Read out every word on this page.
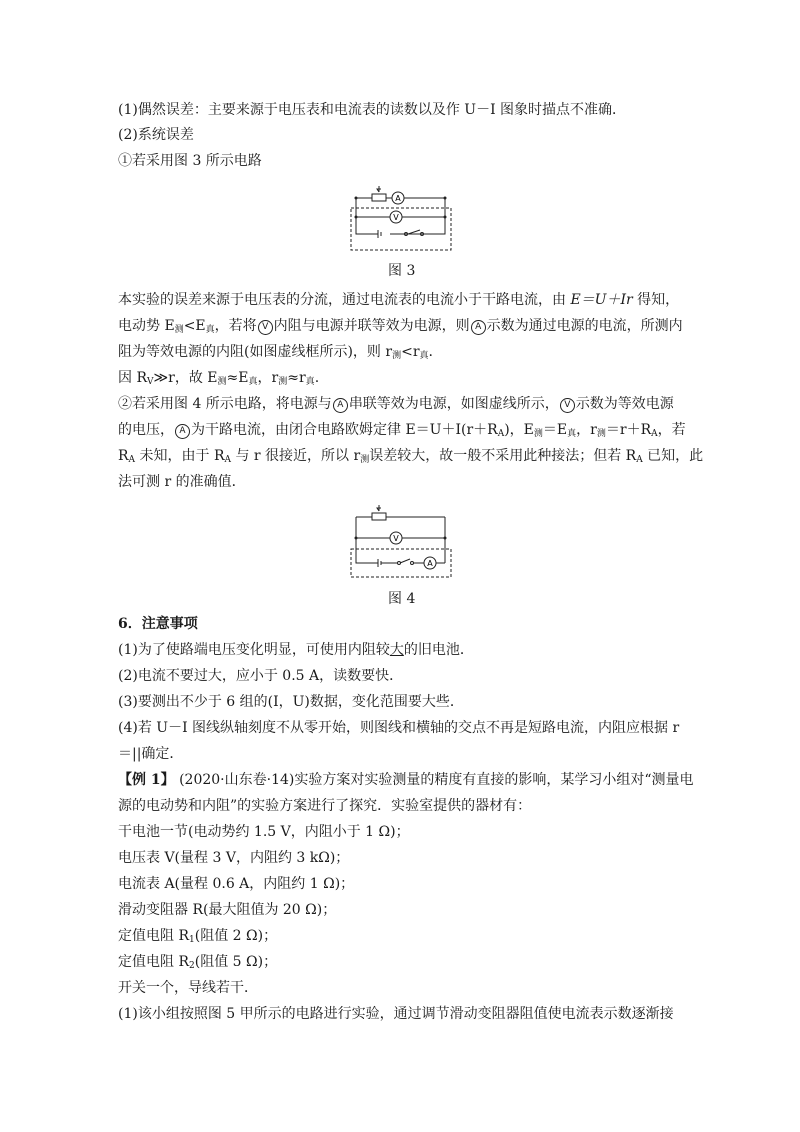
(1)偶然误差：主要来源于电压表和电流表的读数以及作 U－I 图象时描点不准确．
(2)系统误差
①若采用图 3 所示电路
A
V
图 3
本实验的误差来源于电压表的分流，通过电流表的电流小于干路电流，由 E＝U＋Ir 得知，
电动势 $E_测<E_真$，若将 V 内阻与电源并联等效为电源，则 A 示数为通过电源的电流，所测内
阻为等效电源的内阻(如图虚线框所示)，则 $r_测<r_真$.
因 $R_V≫r$，故 $E_测\approx E_真$，$r_测\approx r_真$.
②若采用图 4 所示电路，将电源与 A 串联等效为电源，如图虚线所示， V 示数为等效电源
的电压， A 为干路电流，由闭合电路欧姆定律 $E=U+I(r+R_A)$，$E_测=E_真$，$r_测=r+R_A$，若
$R_A$ 未知，由于 $R_A$ 与 r 很接近，所以 $r_测$误差较大，故一般不采用此种接法；但若 $R_A$ 已知，此
法可测 r 的准确值．
V
A
图 4
6．注意事项
(1)为了使路端电压变化明显，可使用内阻较大的旧电池．
(2)电流不要过大，应小于 0.5 A，读数要快．
(3)要测出不少于 6 组的(I，U)数据，变化范围要大些．
(4)若 U－I 图线纵轴刻度不从零开始，则图线和横轴的交点不再是短路电流，内阻应根据 r
＝||确定．
【例 1】 (2020·山东卷·14)实验方案对实验测量的精度有直接的影响，某学习小组对“测量电
源的电动势和内阻”的实验方案进行了探究．实验室提供的器材有：
干电池一节(电动势约 1.5 V，内阻小于 1 Ω)；
电压表 V(量程 3 V，内阻约 3 kΩ)；
电流表 A(量程 0.6 A，内阻约 1 Ω)；
滑动变阻器 R(最大阻值为 20 Ω)；
定值电阻 $R_1$(阻值 2 Ω)；
定值电阻 $R_2$(阻值 5 Ω)；
开关一个，导线若干．
(1)该小组按照图 5 甲所示的电路进行实验，通过调节滑动变阻器阻值使电流表示数逐渐接
